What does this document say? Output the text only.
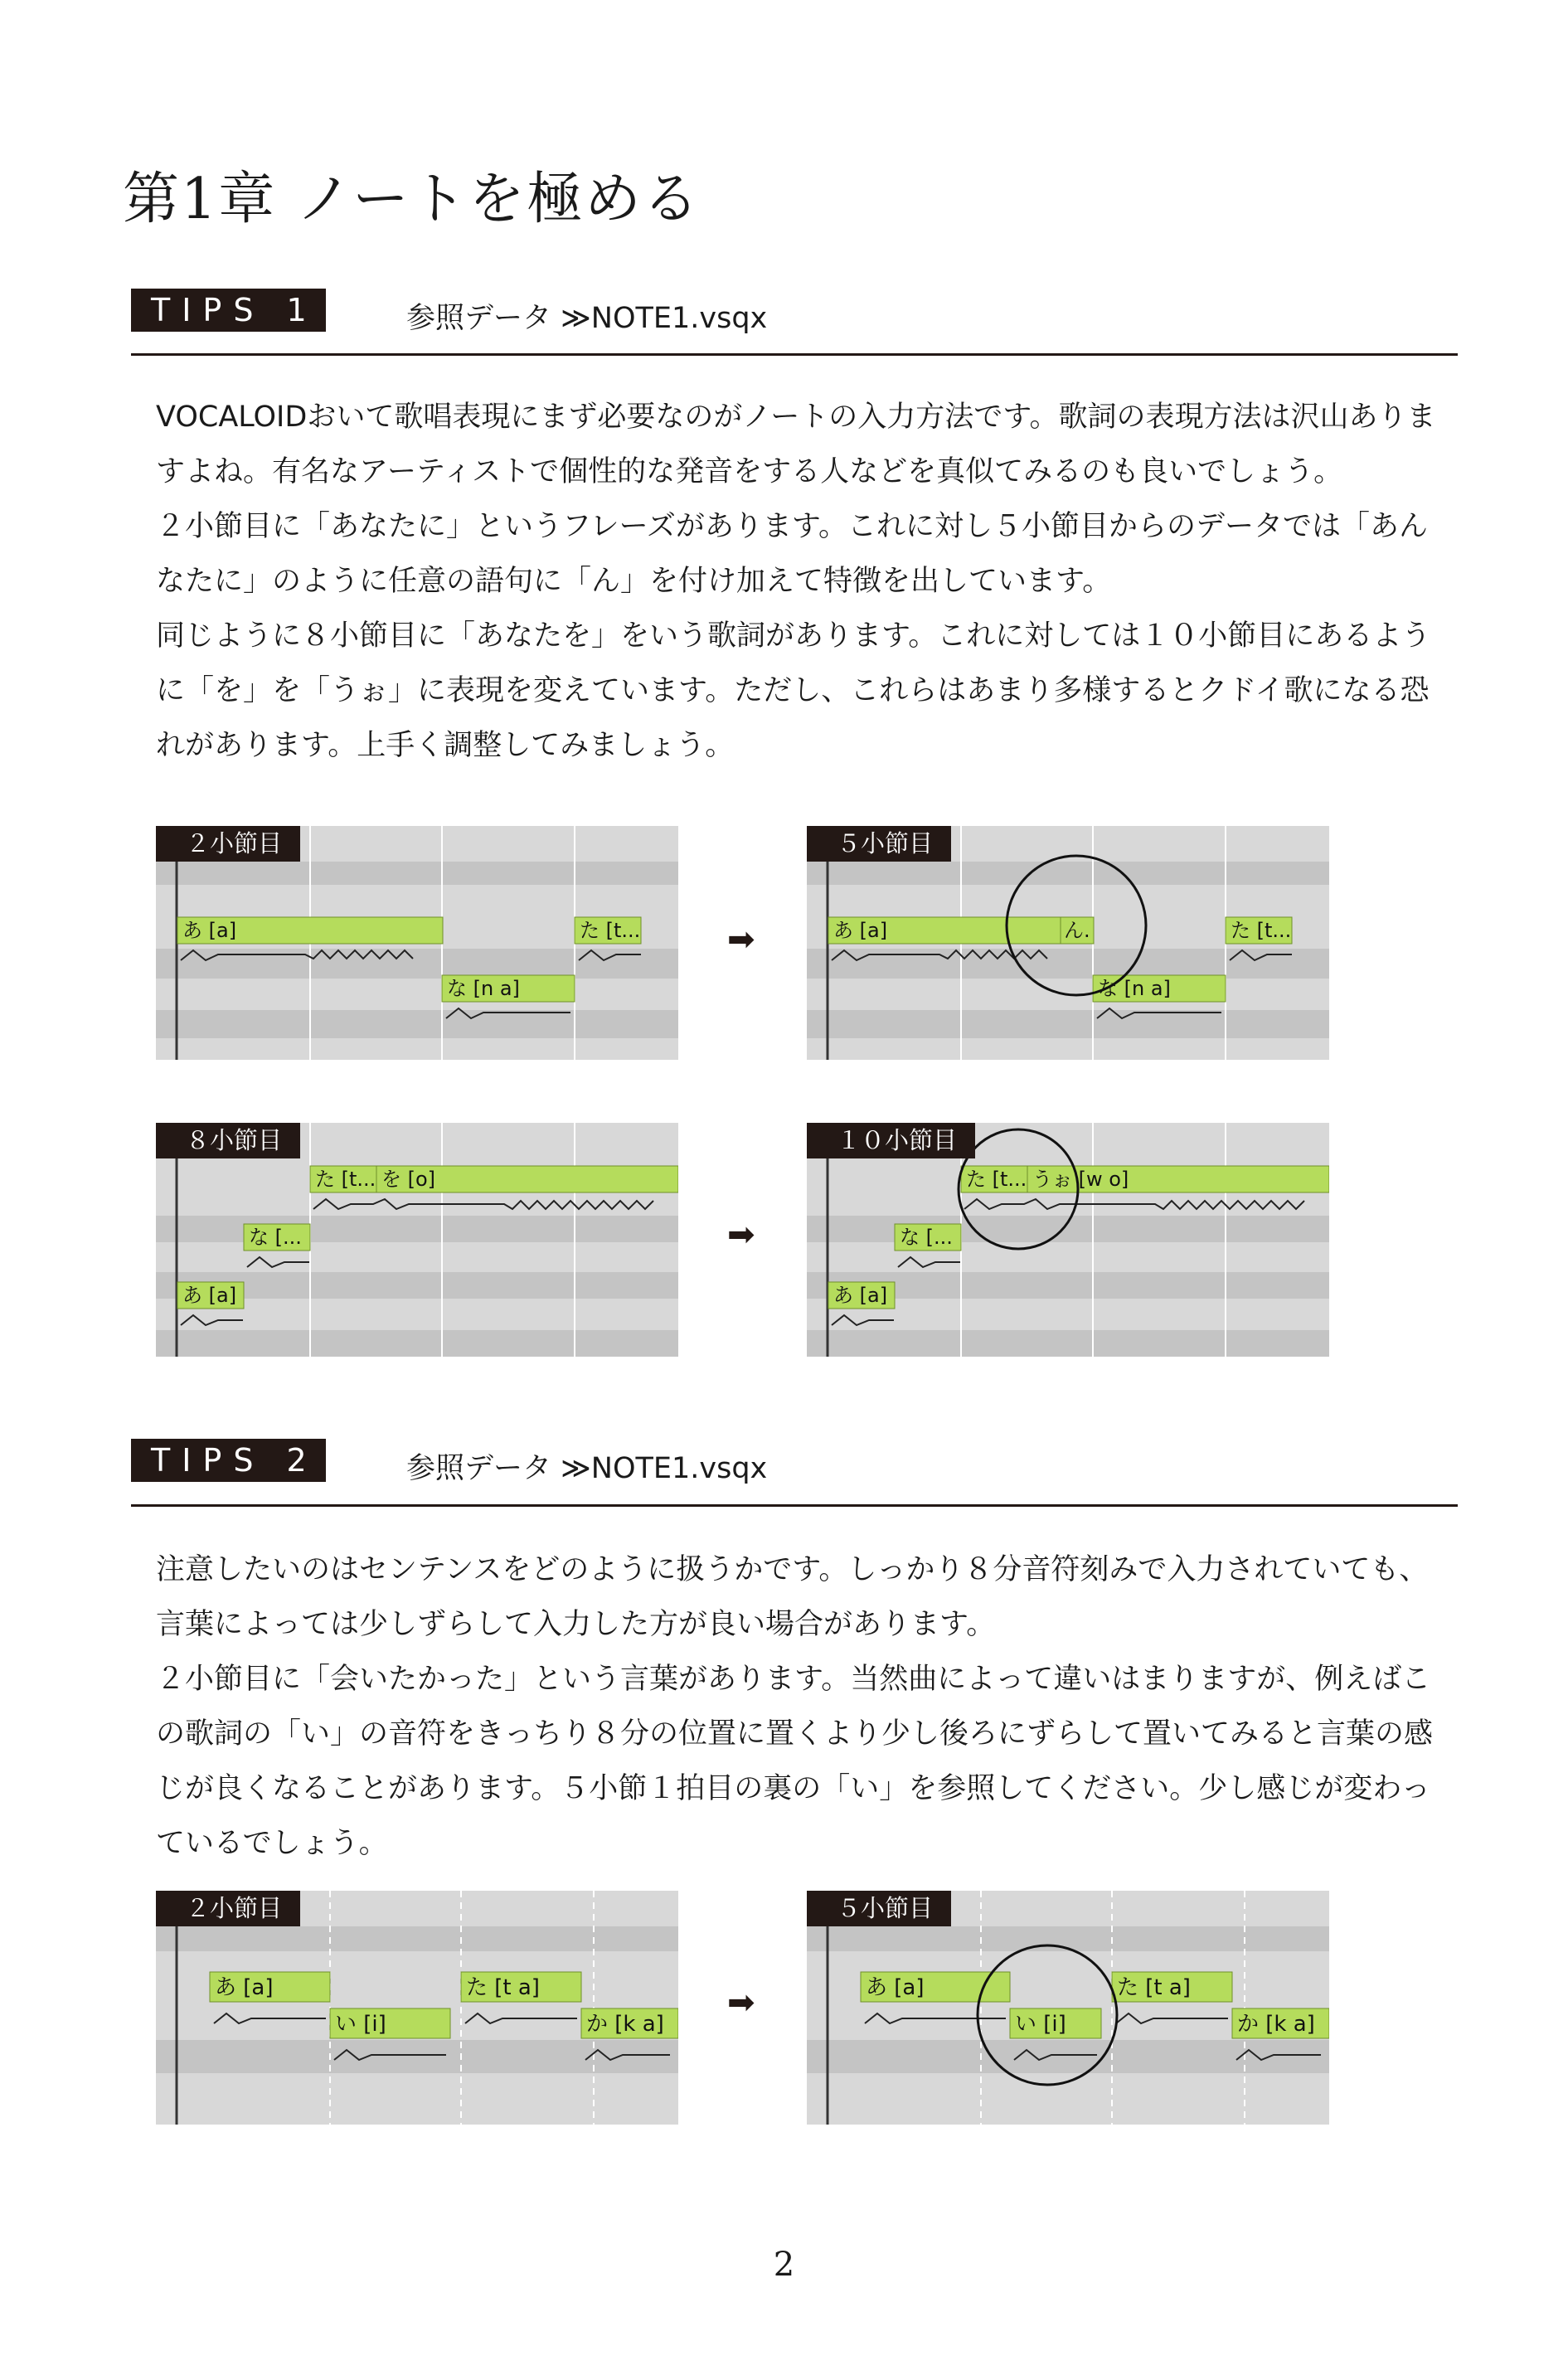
第1章 ノートを極める
TIPS 1	参照データ ≫NOTE1.vsqx

VOCALOIDおいて歌唱表現にまず必要なのがノートの入力方法です。歌詞の表現方法は沢山ありますよね。有名なアーティストで個性的な発音をする人などを真似てみるのも良いでしょう。

２小節目に「あなたに」というフレーズがあります。これに対し５小節目からのデータでは「あんなたに」のように任意の語句に「ん」を付け加えて特徴を出しています。

同じように８小節目に「あなたを」をいう歌詞があります。これに対しては１０小節目にあるように「を」を「うぉ」に表現を変えています。ただし、これらはあまり多様するとクドイ歌になる恐れがあります。上手く調整してみましょう。

あ [a]	た [t...
な [n a]
２小節目
➡	あ [a]	ん.	た [t...
な [n a]
５小節目
た [t... を [o]
な [...
あ [a]
８小節目
➡
た [t... うぉ [w o]
な [...
あ [a]
１０小節目
TIPS 2	参照データ ≫NOTE1.vsqx

注意したいのはセンテンスをどのように扱うかです。しっかり８分音符刻みで入力されていても、言葉によっては少しずらして入力した方が良い場合があります。

２小節目に「会いたかった」という言葉があります。当然曲によって違いはまりますが、例えばこの歌詞の「い」の音符をきっちり８分の位置に置くより少し後ろにずらして置いてみると言葉の感じが良くなることがあります。５小節１拍目の裏の「い」を参照してください。少し感じが変わっているでしょう。

あ [a]
い [i]
た [t a]
か [k a]
２小節目
➡	あ [a]
い [i]
た [t a]
か [k a]
５小節目
2
